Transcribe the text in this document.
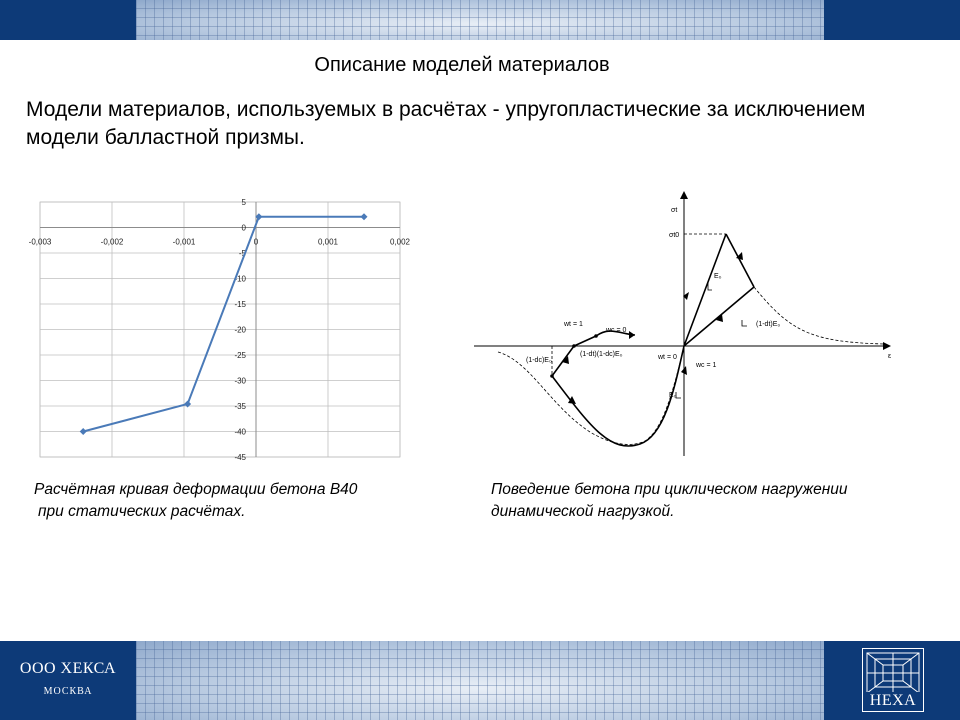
Описание моделей материалов
Модели материалов, используемых в расчётах - упругопластические за исключением модели балластной призмы.
-0,003	-0,002	-0,001	0	0,001	0,002
5
0
-5
-10
-15
-20
-25
-30
-35
-40
-45
σt
ε
σt0
E₀
(1-dt)E₀
E₀
(1-dc)E₀
(1-dt)(1-dc)E₀
wt = 1
wc = 0
wt = 0
wc = 1
Расчётная кривая деформации бетона В40
при статических расчётах.
Поведение бетона при циклическом нагружении
динамической нагрузкой.
ООО ХЕКСА
МОСКВА
HEXA
